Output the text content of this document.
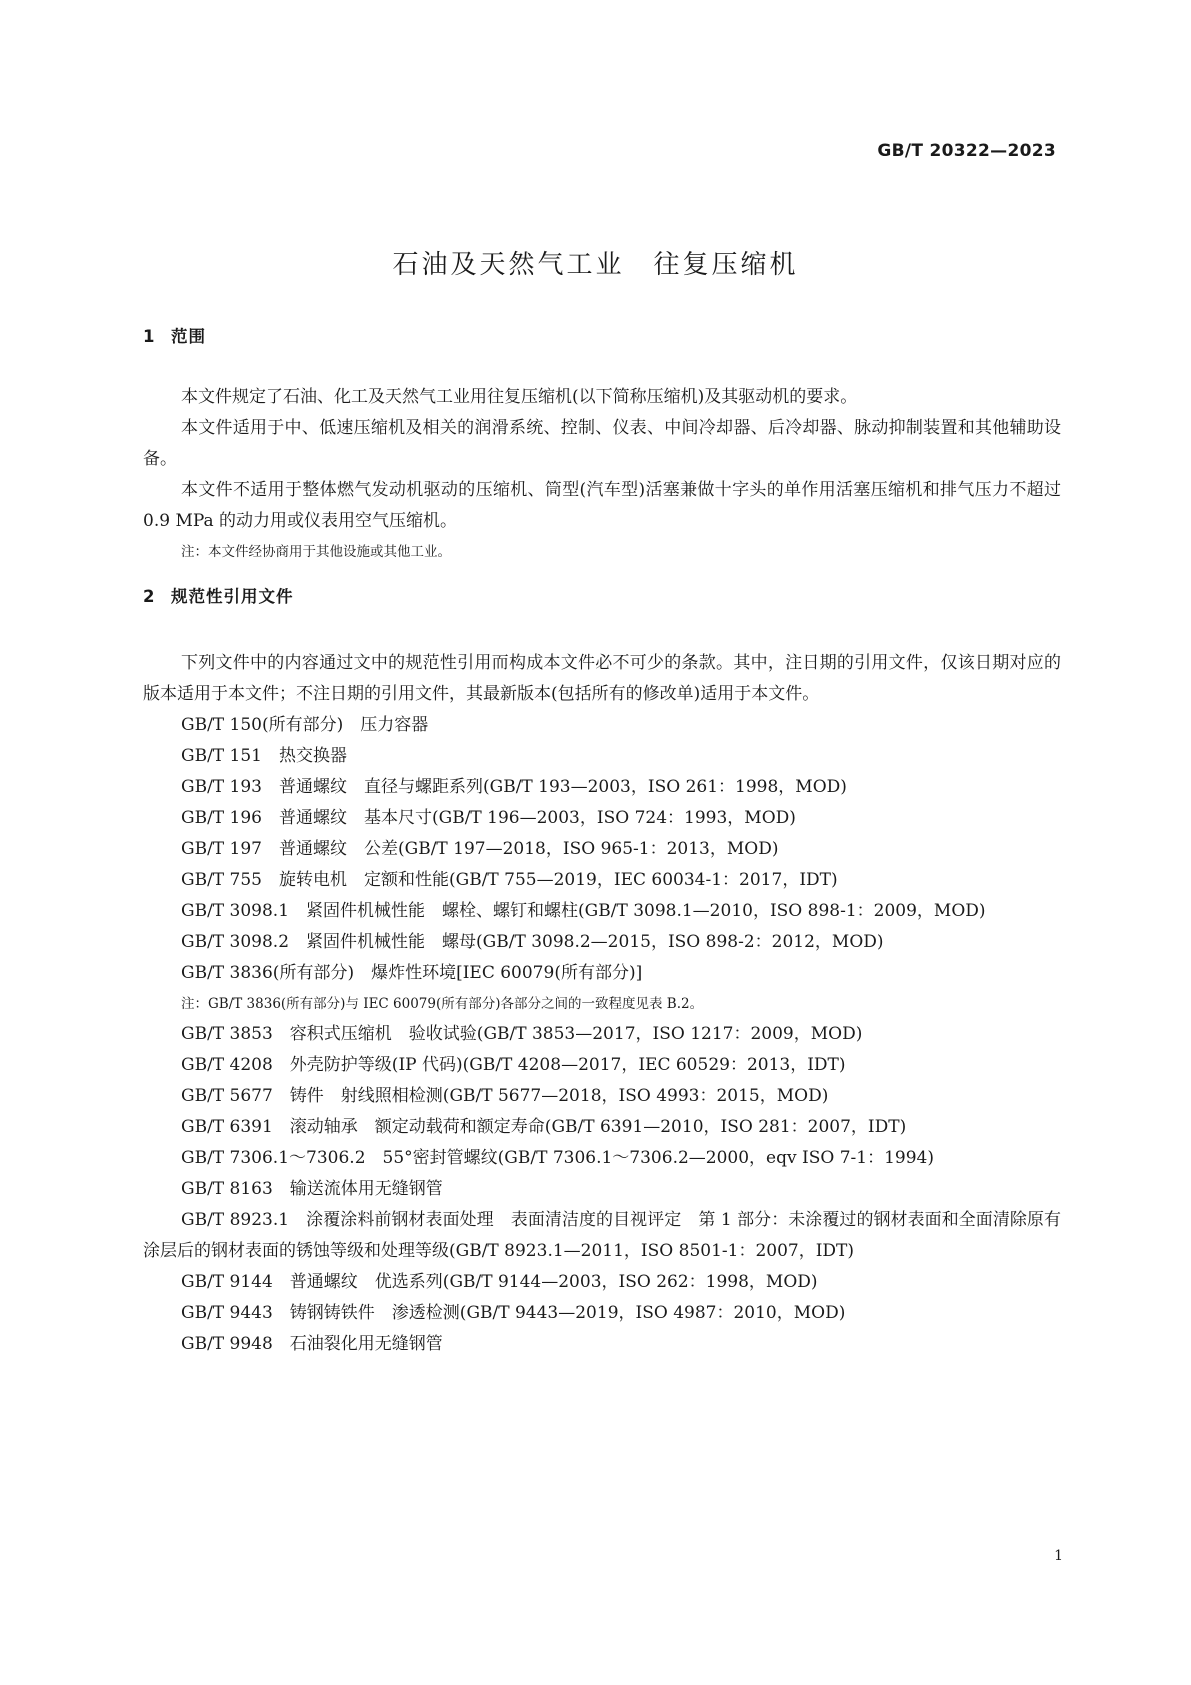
GB/T 20322—2023
石油及天然气工业　往复压缩机
1 范围

本文件规定了石油、化工及天然气工业用往复压缩机(以下简称压缩机)及其驱动机的要求。

本文件适用于中、低速压缩机及相关的润滑系统、控制、仪表、中间冷却器、后冷却器、脉动抑制装置和其他辅助设备。

本文件不适用于整体燃气发动机驱动的压缩机、筒型(汽车型)活塞兼做十字头的单作用活塞压缩机和排气压力不超过 0.9 MPa 的动力用或仪表用空气压缩机。

注：本文件经协商用于其他设施或其他工业。

2 规范性引用文件

下列文件中的内容通过文中的规范性引用而构成本文件必不可少的条款。其中，注日期的引用文件，仅该日期对应的版本适用于本文件；不注日期的引用文件，其最新版本(包括所有的修改单)适用于本文件。

GB/T 150(所有部分)　压力容器

GB/T 151　热交换器

GB/T 193　普通螺纹　直径与螺距系列(GB/T 193—2003，ISO 261：1998，MOD)

GB/T 196　普通螺纹　基本尺寸(GB/T 196—2003，ISO 724：1993，MOD)

GB/T 197　普通螺纹　公差(GB/T 197—2018，ISO 965-1：2013，MOD)

GB/T 755　旋转电机　定额和性能(GB/T 755—2019，IEC 60034-1：2017，IDT)

GB/T 3098.1　紧固件机械性能　螺栓、螺钉和螺柱(GB/T 3098.1—2010，ISO 898-1：2009，MOD)

GB/T 3098.2　紧固件机械性能　螺母(GB/T 3098.2—2015，ISO 898-2：2012，MOD)

GB/T 3836(所有部分)　爆炸性环境[IEC 60079(所有部分)]

注：GB/T 3836(所有部分)与 IEC 60079(所有部分)各部分之间的一致程度见表 B.2。

GB/T 3853　容积式压缩机　验收试验(GB/T 3853—2017，ISO 1217：2009，MOD)

GB/T 4208　外壳防护等级(IP 代码)(GB/T 4208—2017，IEC 60529：2013，IDT)

GB/T 5677　铸件　射线照相检测(GB/T 5677—2018，ISO 4993：2015，MOD)

GB/T 6391　滚动轴承　额定动载荷和额定寿命(GB/T 6391—2010，ISO 281：2007，IDT)

GB/T 7306.1～7306.2　55°密封管螺纹(GB/T 7306.1～7306.2—2000，eqv ISO 7-1：1994)

GB/T 8163　输送流体用无缝钢管

GB/T 8923.1　涂覆涂料前钢材表面处理　表面清洁度的目视评定　第 1 部分：未涂覆过的钢材表面和全面清除原有涂层后的钢材表面的锈蚀等级和处理等级(GB/T 8923.1—2011，ISO 8501-1：2007，IDT)

GB/T 9144　普通螺纹　优选系列(GB/T 9144—2003，ISO 262：1998，MOD)

GB/T 9443　铸钢铸铁件　渗透检测(GB/T 9443—2019，ISO 4987：2010，MOD)

GB/T 9948　石油裂化用无缝钢管

1
